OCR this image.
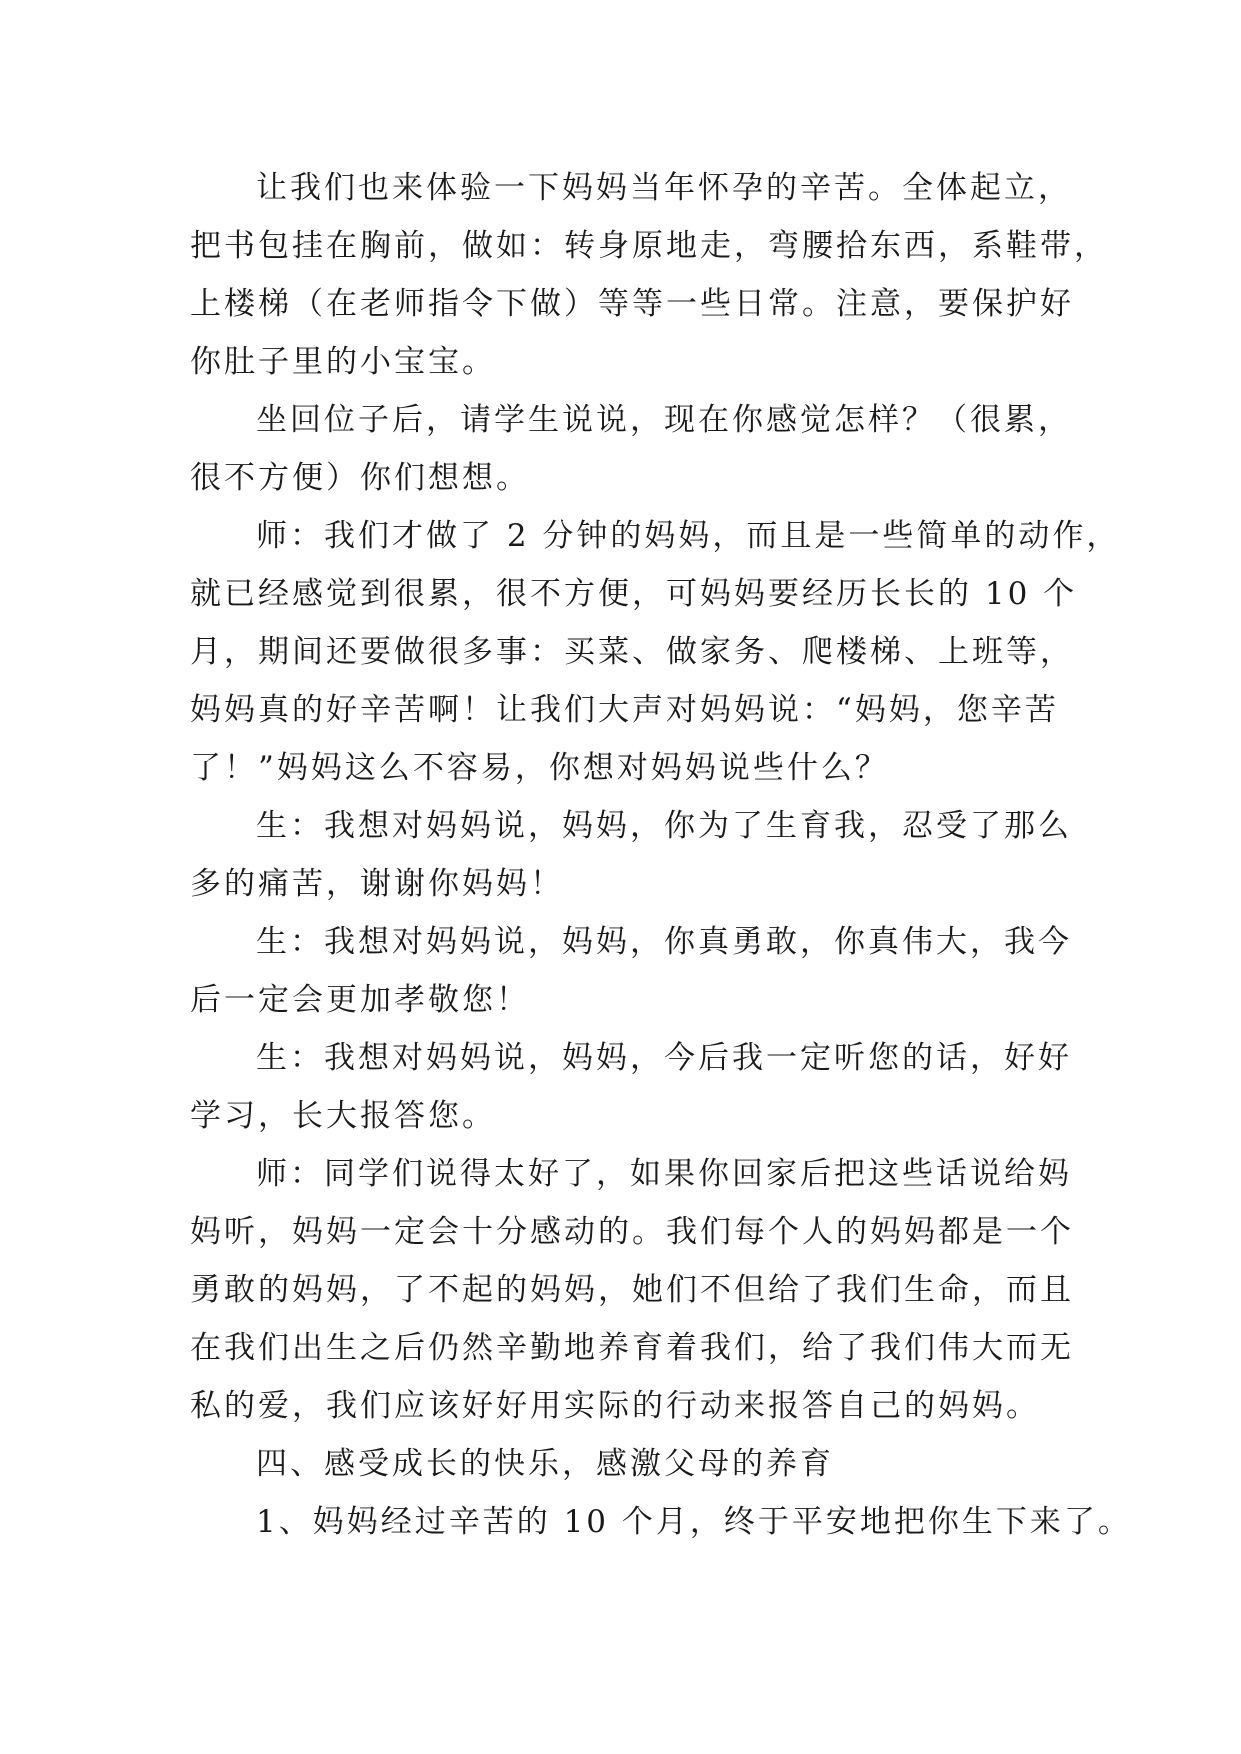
让我们也来体验一下妈妈当年怀孕的辛苦。全体起立，
把书包挂在胸前，做如：转身原地走，弯腰拾东西，系鞋带，
上楼梯（在老师指令下做）等等一些日常。注意，要保护好
你肚子里的小宝宝。
坐回位子后，请学生说说，现在你感觉怎样？（很累，
很不方便）你们想想。
师：我们才做了 2 分钟的妈妈，而且是一些简单的动作，
就已经感觉到很累，很不方便，可妈妈要经历长长的 10 个
月，期间还要做很多事：买菜、做家务、爬楼梯、上班等，
妈妈真的好辛苦啊！让我们大声对妈妈说：“妈妈，您辛苦
了！”妈妈这么不容易，你想对妈妈说些什么？
生：我想对妈妈说，妈妈，你为了生育我，忍受了那么
多的痛苦，谢谢你妈妈！
生：我想对妈妈说，妈妈，你真勇敢，你真伟大，我今
后一定会更加孝敬您！
生：我想对妈妈说，妈妈，今后我一定听您的话，好好
学习，长大报答您。
师：同学们说得太好了，如果你回家后把这些话说给妈
妈听，妈妈一定会十分感动的。我们每个人的妈妈都是一个
勇敢的妈妈，了不起的妈妈，她们不但给了我们生命，而且
在我们出生之后仍然辛勤地养育着我们，给了我们伟大而无
私的爱，我们应该好好用实际的行动来报答自己的妈妈。
四、感受成长的快乐，感激父母的养育
1、妈妈经过辛苦的 10 个月，终于平安地把你生下来了。
